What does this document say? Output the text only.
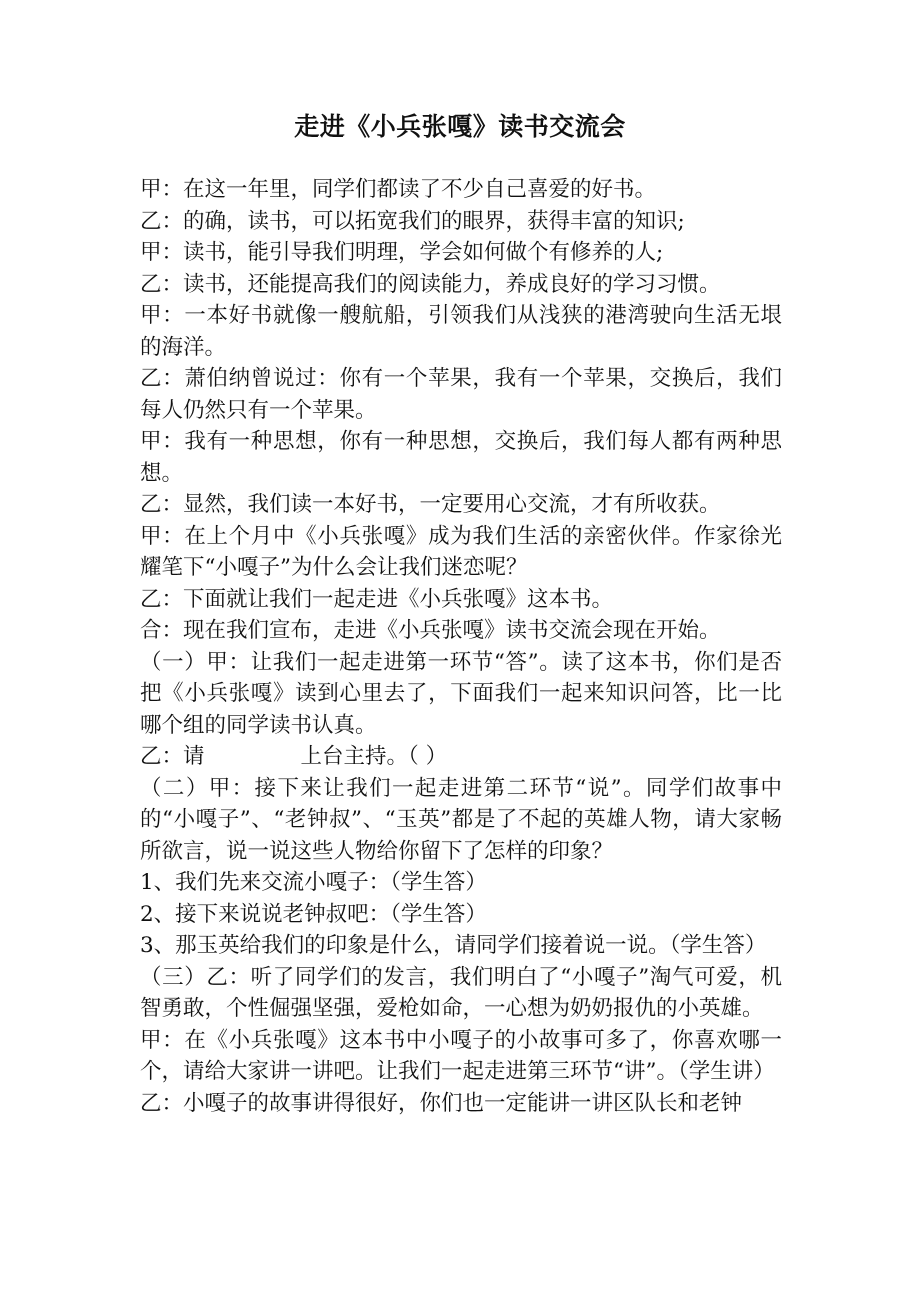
走进《小兵张嘎》读书交流会

甲：在这一年里，同学们都读了不少自己喜爱的好书。

乙：的确，读书，可以拓宽我们的眼界，获得丰富的知识;

甲：读书，能引导我们明理，学会如何做个有修养的人;

乙：读书，还能提高我们的阅读能力，养成良好的学习习惯。

甲：一本好书就像一艘航船，引领我们从浅狭的港湾驶向生活无垠的海洋。

乙：萧伯纳曾说过：你有一个苹果，我有一个苹果，交换后，我们每人仍然只有一个苹果。

甲：我有一种思想，你有一种思想，交换后，我们每人都有两种思想。

乙：显然，我们读一本好书，一定要用心交流，才有所收获。

甲：在上个月中《小兵张嘎》成为我们生活的亲密伙伴。作家徐光耀笔下“小嘎子”为什么会让我们迷恋呢？

乙：下面就让我们一起走进《小兵张嘎》这本书。

合：现在我们宣布，走进《小兵张嘎》读书交流会现在开始。

（一）甲：让我们一起走进第一环节“答”。读了这本书，你们是否把《小兵张嘎》读到心里去了，下面我们一起来知识问答，比一比哪个组的同学读书认真。

乙：请	上台主持。（ ）

（二）甲：接下来让我们一起走进第二环节“说”。同学们故事中的“小嘎子”、“老钟叔”、“玉英”都是了不起的英雄人物，请大家畅所欲言，说一说这些人物给你留下了怎样的印象？

1、我们先来交流小嘎子：（学生答）

2、接下来说说老钟叔吧：（学生答）

3、那玉英给我们的印象是什么，请同学们接着说一说。（学生答）

（三）乙：听了同学们的发言，我们明白了“小嘎子”淘气可爱，机智勇敢，个性倔强坚强，爱枪如命，一心想为奶奶报仇的小英雄。

甲：在《小兵张嘎》这本书中小嘎子的小故事可多了，你喜欢哪一个，请给大家讲一讲吧。让我们一起走进第三环节“讲”。（学生讲）

乙：小嘎子的故事讲得很好，你们也一定能讲一讲区队长和老钟
